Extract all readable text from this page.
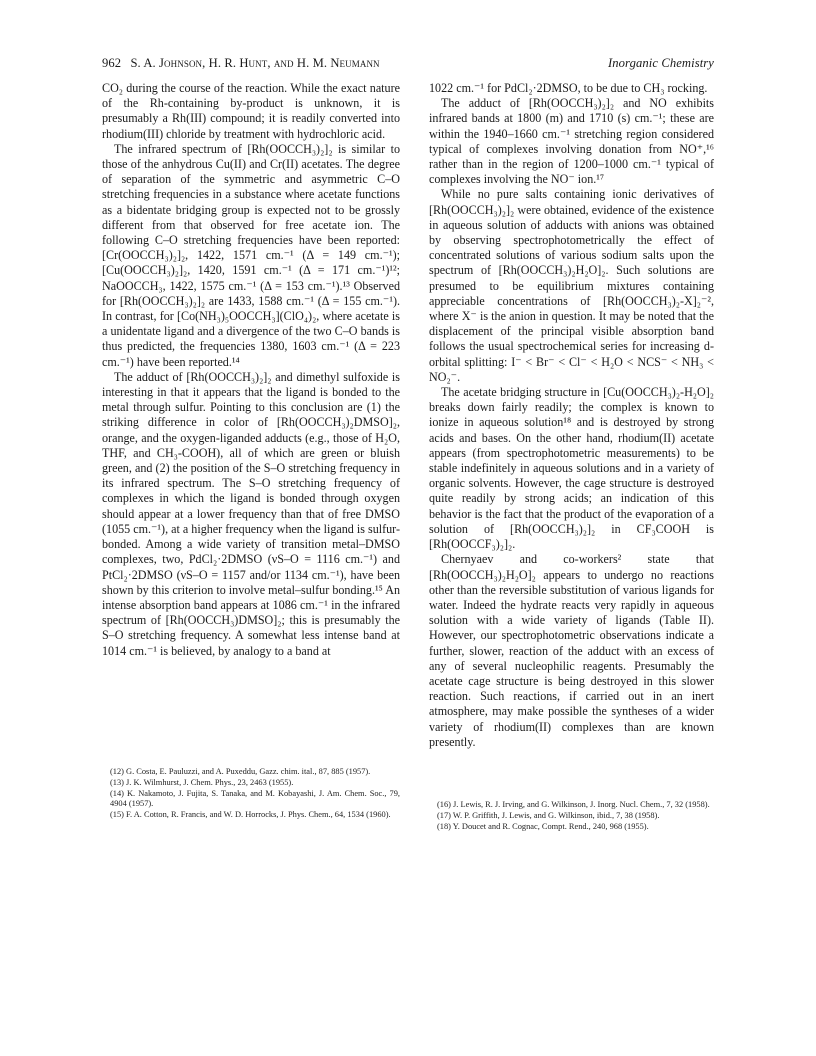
962 S. A. Johnson, H. R. Hunt, and H. M. Neumann	Inorganic Chemistry

CO₂ during the course of the reaction. While the exact nature of the Rh-containing by-product is unknown, it is presumably a Rh(III) compound; it is readily converted into rhodium(III) chloride by treatment with hydrochloric acid.

The infrared spectrum of [Rh(OOCCH₃)₂]₂ is similar to those of the anhydrous Cu(II) and Cr(II) acetates. The degree of separation of the symmetric and asymmetric C–O stretching frequencies in a substance where acetate functions as a bidentate bridging group is expected not to be grossly different from that observed for free acetate ion. The following C–O stretching frequencies have been reported: [Cr(OOCCH₃)₂]₂, 1422, 1571 cm.⁻¹ (Δ = 149 cm.⁻¹); [Cu(OOCCH₃)₂]₂, 1420, 1591 cm.⁻¹ (Δ = 171 cm.⁻¹)¹²; NaOOCCH₃, 1422, 1575 cm.⁻¹ (Δ = 153 cm.⁻¹).¹³ Observed for [Rh(OOCCH₃)₂]₂ are 1433, 1588 cm.⁻¹ (Δ = 155 cm.⁻¹). In contrast, for [Co(NH₃)₅OOCCH₃](ClO₄)₂, where acetate is a unidentate ligand and a divergence of the two C–O bands is thus predicted, the frequencies 1380, 1603 cm.⁻¹ (Δ = 223 cm.⁻¹) have been reported.¹⁴

The adduct of [Rh(OOCCH₃)₂]₂ and dimethyl sulfoxide is interesting in that it appears that the ligand is bonded to the metal through sulfur. Pointing to this conclusion are (1) the striking difference in color of [Rh(OOCCH₃)₂DMSO]₂, orange, and the oxygen-liganded adducts (e.g., those of H₂O, THF, and CH₃-COOH), all of which are green or bluish green, and (2) the position of the S–O stretching frequency in its infrared spectrum. The S–O stretching frequency of complexes in which the ligand is bonded through oxygen should appear at a lower frequency than that of free DMSO (1055 cm.⁻¹), at a higher frequency when the ligand is sulfur-bonded. Among a wide variety of transition metal–DMSO complexes, two, PdCl₂·2DMSO (νS–O = 1116 cm.⁻¹) and PtCl₂·2DMSO (νS–O = 1157 and/or 1134 cm.⁻¹), have been shown by this criterion to involve metal–sulfur bonding.¹⁵ An intense absorption band appears at 1086 cm.⁻¹ in the infrared spectrum of [Rh(OOCCH₃)DMSO]₂; this is presumably the S–O stretching frequency. A somewhat less intense band at 1014 cm.⁻¹ is believed, by analogy to a band at

1022 cm.⁻¹ for PdCl₂·2DMSO, to be due to CH₃ rocking.

The adduct of [Rh(OOCCH₃)₂]₂ and NO exhibits infrared bands at 1800 (m) and 1710 (s) cm.⁻¹; these are within the 1940–1660 cm.⁻¹ stretching region considered typical of complexes involving donation from NO⁺,¹⁶ rather than in the region of 1200–1000 cm.⁻¹ typical of complexes involving the NO⁻ ion.¹⁷

While no pure salts containing ionic derivatives of [Rh(OOCCH₃)₂]₂ were obtained, evidence of the existence in aqueous solution of adducts with anions was obtained by observing spectrophotometrically the effect of concentrated solutions of various sodium salts upon the spectrum of [Rh(OOCCH₃)₂H₂O]₂. Such solutions are presumed to be equilibrium mixtures containing appreciable concentrations of [Rh(OOCCH₃)₂-X]₂⁻², where X⁻ is the anion in question. It may be noted that the displacement of the principal visible absorption band follows the usual spectrochemical series for increasing d-orbital splitting: I⁻ < Br⁻ < Cl⁻ < H₂O < NCS⁻ < NH₃ < NO₂⁻.

The acetate bridging structure in [Cu(OOCCH₃)₂-H₂O]₂ breaks down fairly readily; the complex is known to ionize in aqueous solution¹⁸ and is destroyed by strong acids and bases. On the other hand, rhodium(II) acetate appears (from spectrophotometric measurements) to be stable indefinitely in aqueous solutions and in a variety of organic solvents. However, the cage structure is destroyed quite readily by strong acids; an indication of this behavior is the fact that the product of the evaporation of a solution of [Rh(OOCCH₃)₂]₂ in CF₃COOH is [Rh(OOCCF₃)₂]₂.

Chernyaev and co-workers² state that [Rh(OOCCH₃)₂H₂O]₂ appears to undergo no reactions other than the reversible substitution of various ligands for water. Indeed the hydrate reacts very rapidly in aqueous solution with a wide variety of ligands (Table II). However, our spectrophotometric observations indicate a further, slower, reaction of the adduct with an excess of any of several nucleophilic reagents. Presumably the acetate cage structure is being destroyed in this slower reaction. Such reactions, if carried out in an inert atmosphere, may make possible the syntheses of a wider variety of rhodium(II) complexes than are known presently.

(12) G. Costa, E. Pauluzzi, and A. Puxeddu, Gazz. chim. ital., 87, 885 (1957).

(13) J. K. Wilmhurst, J. Chem. Phys., 23, 2463 (1955).

(14) K. Nakamoto, J. Fujita, S. Tanaka, and M. Kobayashi, J. Am. Chem. Soc., 79, 4904 (1957).

(15) F. A. Cotton, R. Francis, and W. D. Horrocks, J. Phys. Chem., 64, 1534 (1960).

(16) J. Lewis, R. J. Irving, and G. Wilkinson, J. Inorg. Nucl. Chem., 7, 32 (1958).

(17) W. P. Griffith, J. Lewis, and G. Wilkinson, ibid., 7, 38 (1958).

(18) Y. Doucet and R. Cognac, Compt. Rend., 240, 968 (1955).
